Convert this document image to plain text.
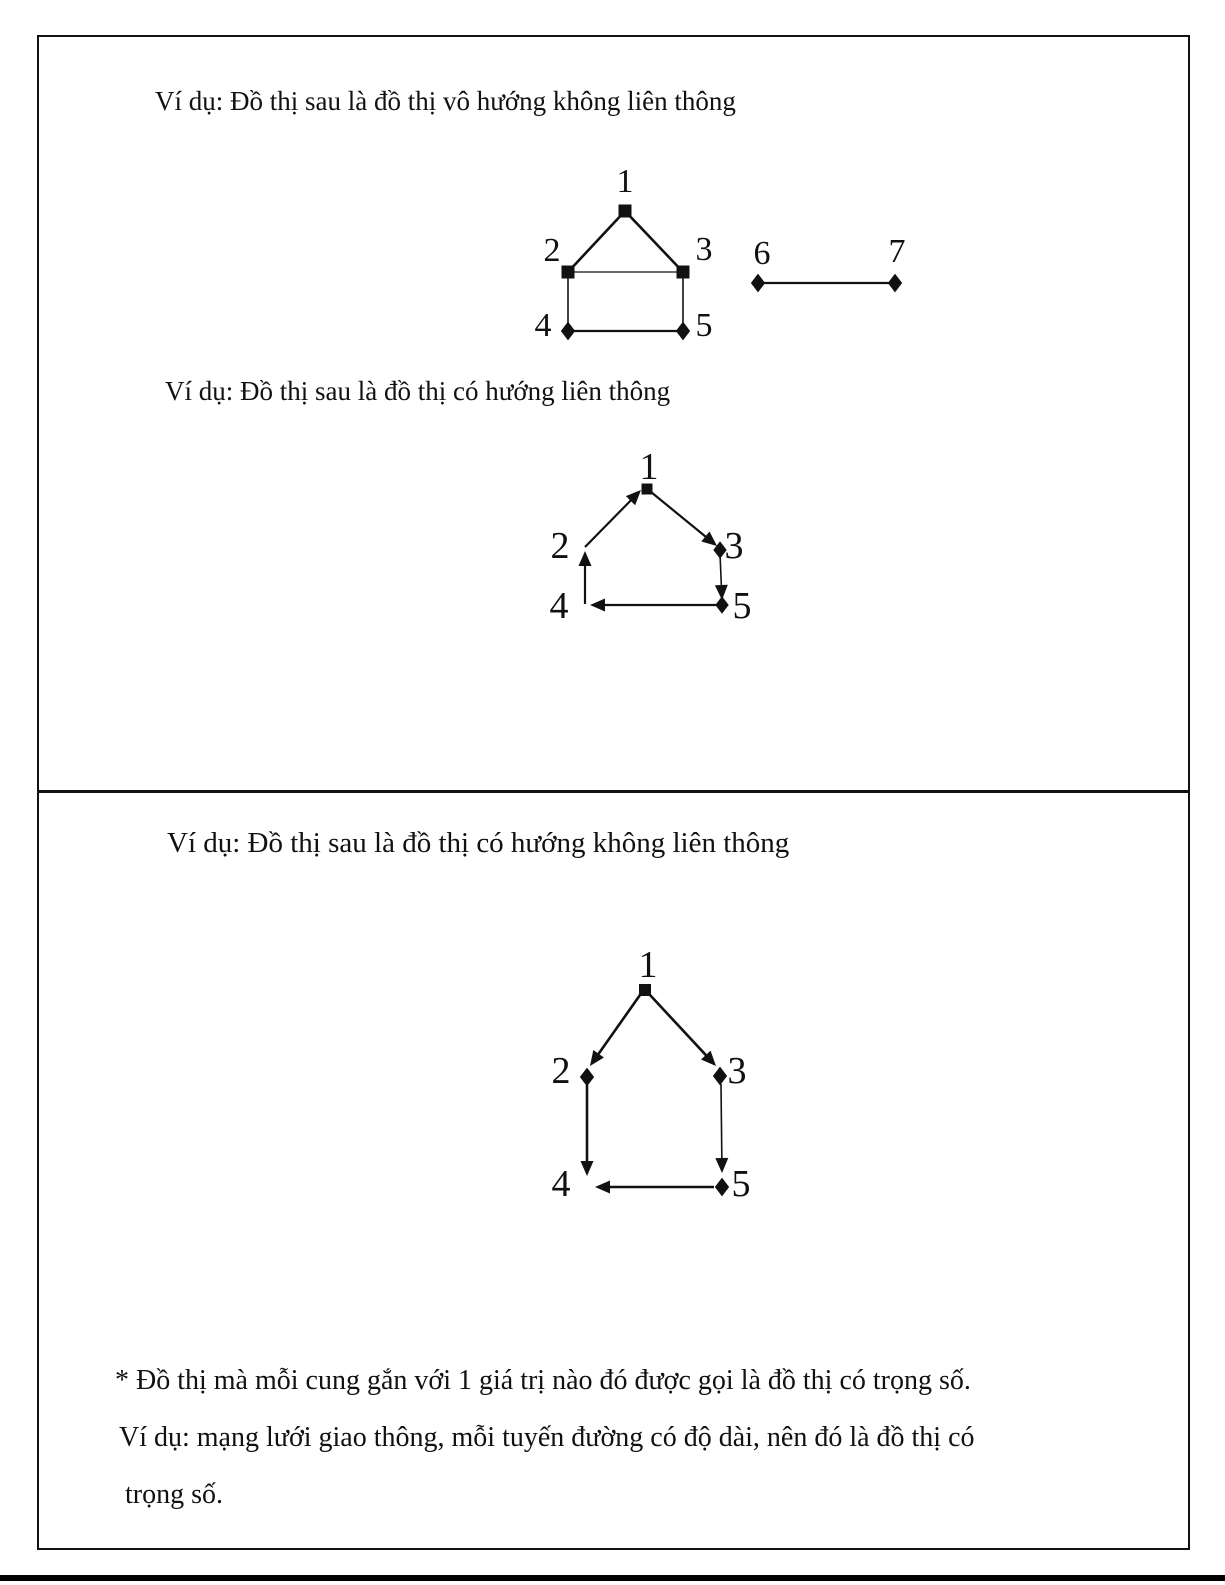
Ví dụ: Đồ thị sau là đồ thị vô hướng không liên thông
Ví dụ: Đồ thị sau là đồ thị có hướng liên thông
Ví dụ: Đồ thị sau là đồ thị có hướng không liên thông
1
2	3
4	5
6	7
1
2	3
4	5
1
2	3
4	5
* Đồ thị mà mỗi cung gắn với 1 giá trị nào đó được gọi là đồ thị có trọng số.
Ví dụ: mạng lưới giao thông, mỗi tuyến đường có độ dài, nên đó là đồ thị có
trọng số.
